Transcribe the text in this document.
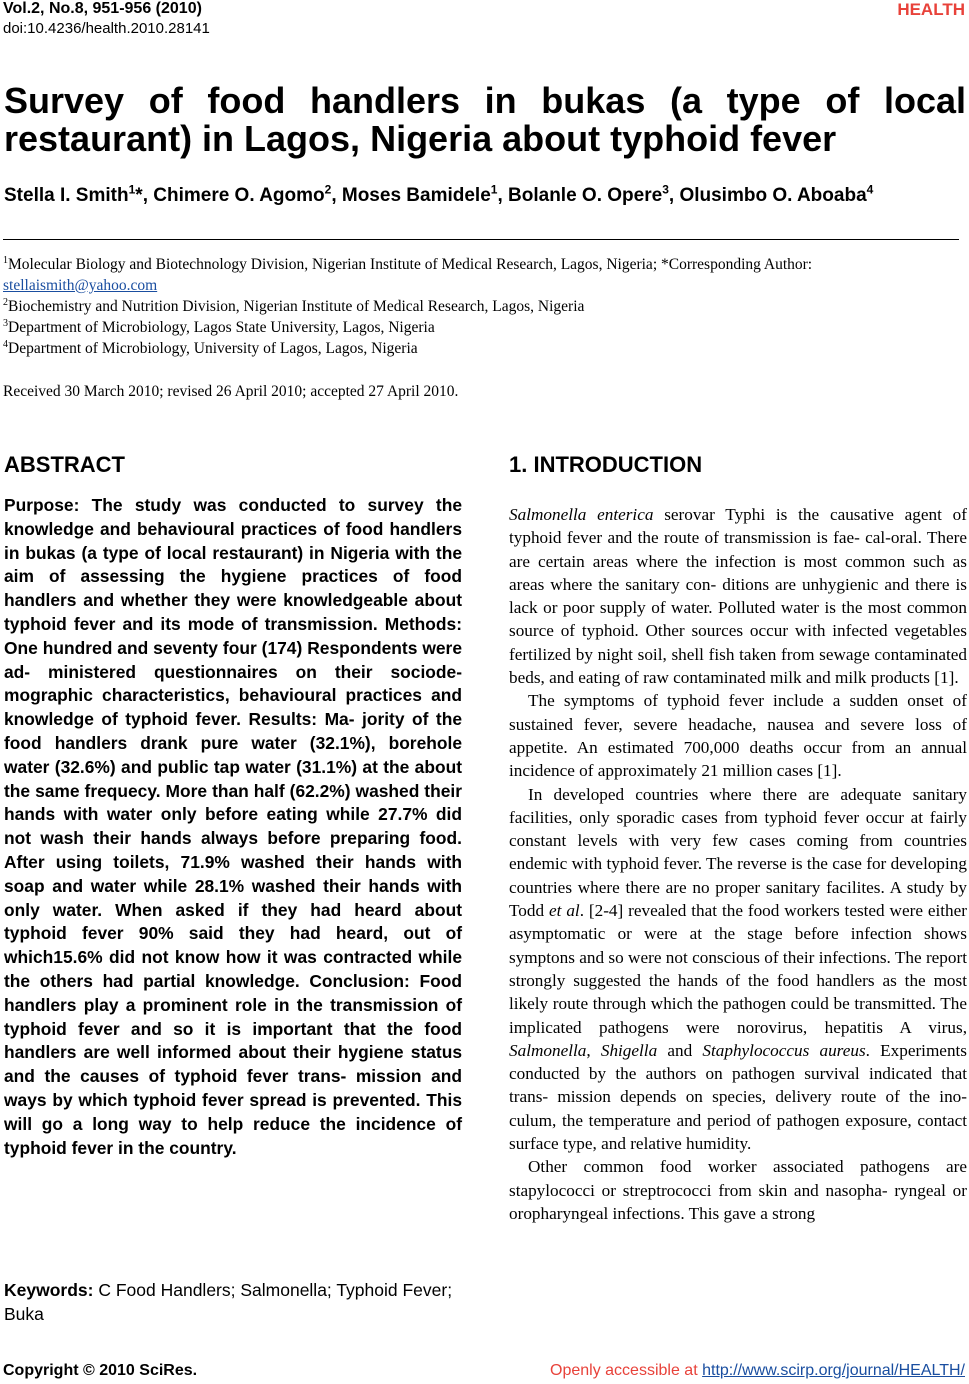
Vol.2, No.8, 951-956 (2010)
doi:10.4236/health.2010.28141
HEALTH
Survey of food handlers in bukas (a type of local restaurant) in Lagos, Nigeria about typhoid fever
Stella I. Smith$^1$*, Chimere O. Agomo$^2$, Moses Bamidele$^1$, Bolanle O. Opere$^3$, Olusimbo O. Aboaba$^4$
$^1$Molecular Biology and Biotechnology Division, Nigerian Institute of Medical Research, Lagos, Nigeria; *Corresponding Author:
stellaismith@yahoo.com
$^2$Biochemistry and Nutrition Division, Nigerian Institute of Medical Research, Lagos, Nigeria
$^3$Department of Microbiology, Lagos State University, Lagos, Nigeria
$^4$Department of Microbiology, University of Lagos, Lagos, Nigeria
Received 30 March 2010; revised 26 April 2010; accepted 27 April 2010.
ABSTRACT
Purpose: The study was conducted to survey the knowledge and behavioural practices of food handlers in bukas (a type of local restaurant) in Nigeria with the aim of assessing the hygiene practices of food handlers and whether they were knowledgeable about typhoid fever and its mode of transmission. Methods: One hundred and seventy four (174) Respondents were ad- ministered questionnaires on their sociode- mographic characteristics, behavioural practices and knowledge of typhoid fever. Results: Ma- jority of the food handlers drank pure water (32.1%), borehole water (32.6%) and public tap water (31.1%) at the about the same frequecy. More than half (62.2%) washed their hands with water only before eating while 27.7% did not wash their hands always before preparing food. After using toilets, 71.9% washed their hands with soap and water while 28.1% washed their hands with only water. When asked if they had heard about typhoid fever 90% said they had heard, out of which15.6% did not know how it was contracted while the others had partial knowledge. Conclusion: Food handlers play a prominent role in the transmission of typhoid fever and so it is important that the food handlers are well informed about their hygiene status and the causes of typhoid fever trans- mission and ways by which typhoid fever spread is prevented. This will go a long way to help reduce the incidence of typhoid fever in the country.
Keywords: C Food Handlers; Salmonella; Typhoid Fever; Buka
1. INTRODUCTION

Salmonella enterica serovar Typhi is the causative agent of typhoid fever and the route of transmission is fae- cal-oral. There are certain areas where the infection is most common such as areas where the sanitary con- ditions are unhygienic and there is lack or poor supply of water. Polluted water is the most common source of typhoid. Other sources occur with infected vegetables fertilized by night soil, shell fish taken from sewage contaminated beds, and eating of raw contaminated milk and milk products [1].

The symptoms of typhoid fever include a sudden onset of sustained fever, severe headache, nausea and severe loss of appetite. An estimated 700,000 deaths occur from an annual incidence of approximately 21 million cases [1].

In developed countries where there are adequate sanitary facilities, only sporadic cases from typhoid fever occur at fairly constant levels with very few cases coming from countries endemic with typhoid fever. The reverse is the case for developing countries where there are no proper sanitary facilites. A study by Todd et al. [2-4] revealed that the food workers tested were either asymptomatic or were at the stage before infection shows symptons and so were not conscious of their infections. The report strongly suggested the hands of the food handlers as the most likely route through which the pathogen could be transmitted. The implicated pathogens were norovirus, hepatitis A virus, Salmonella, Shigella and Staphylococcus aureus. Experiments conducted by the authors on pathogen survival indicated that trans- mission depends on species, delivery route of the ino- culum, the temperature and period of pathogen exposure, contact surface type, and relative humidity.

Other common food worker associated pathogens are stapylococci or streptrococci from skin and nasopha- ryngeal or oropharyngeal infections. This gave a strong

Copyright © 2010 SciRes.	Openly accessible at http://www.scirp.org/journal/HEALTH/
